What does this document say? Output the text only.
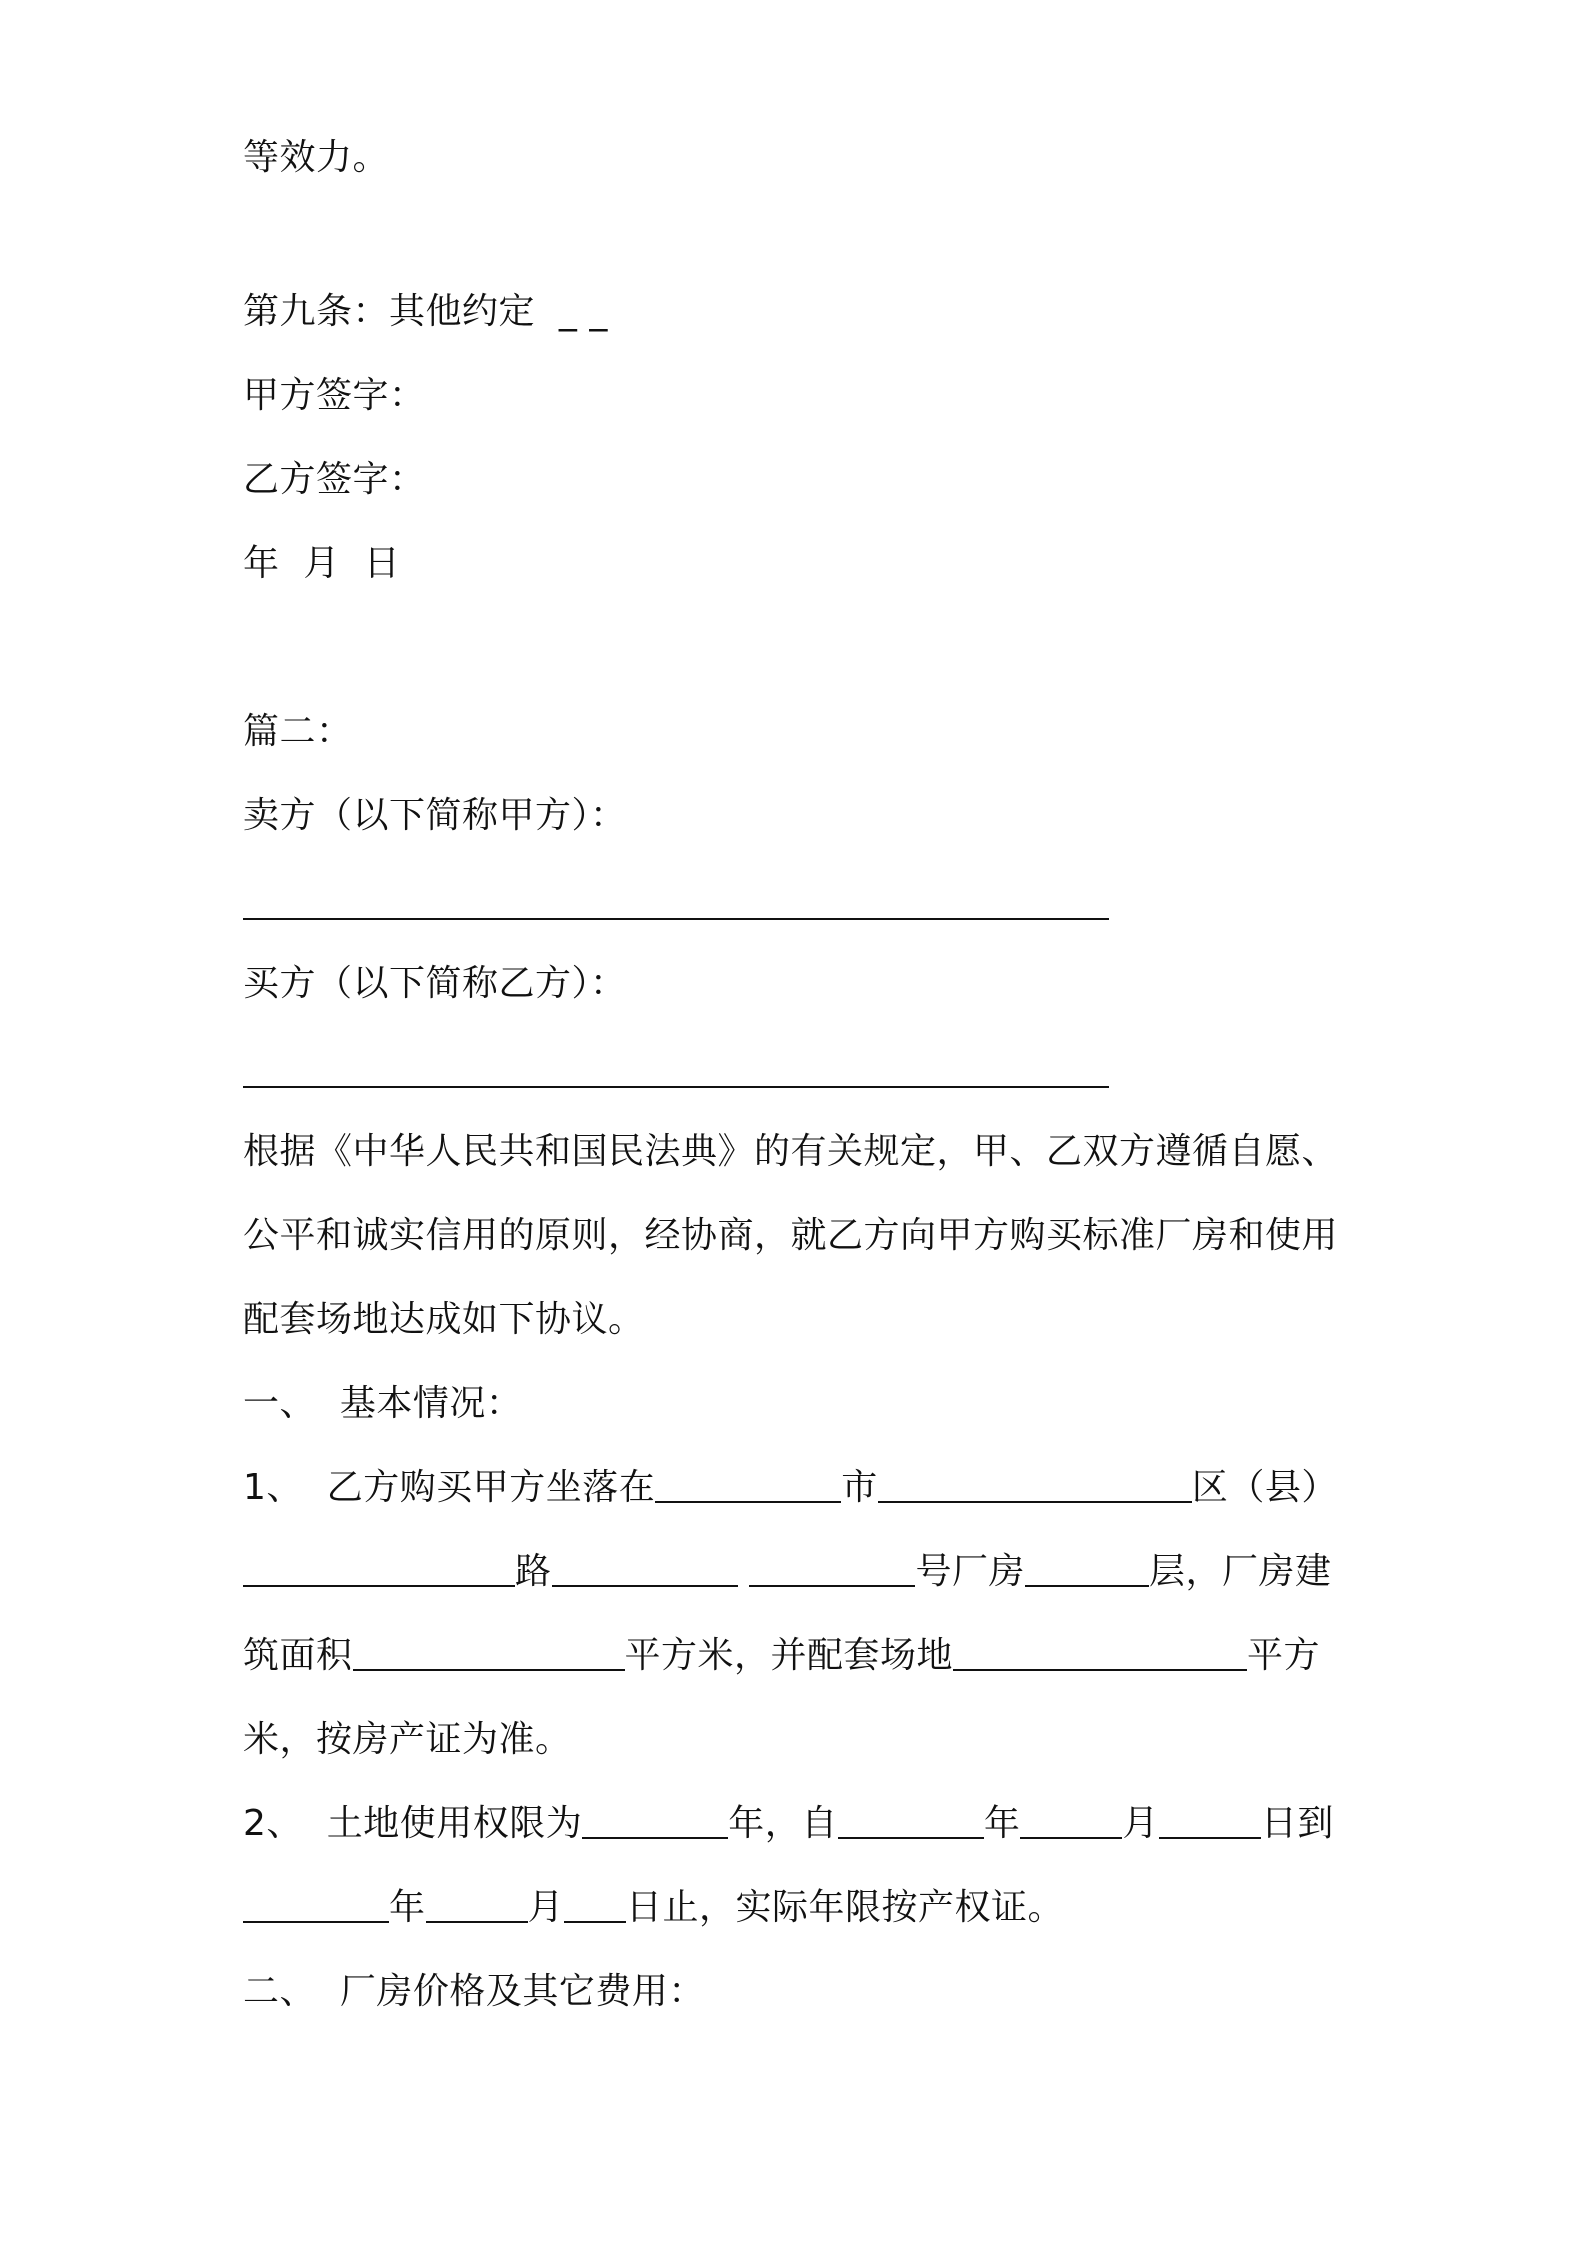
等效力。
第九条：其他约定 _ _
甲方签字：
乙方签字：
年  月  日
篇二：
卖方（以下简称甲方）：
买方（以下简称乙方）：
根据《中华人民共和国民法典》的有关规定，甲、乙双方遵循自愿、
公平和诚实信用的原则，经协商，就乙方向甲方购买标准厂房和使用
配套场地达成如下协议。
一、  基本情况：
1、  乙方购买甲方坐落在	市	区（县）
路	号厂房	层，厂房建
筑面积	平方米，并配套场地	平方
米，按房产证为准。
2、  土地使用权限为	年，自	年	月	日到
年	月 日止，实际年限按产权证。
二、  厂房价格及其它费用：
